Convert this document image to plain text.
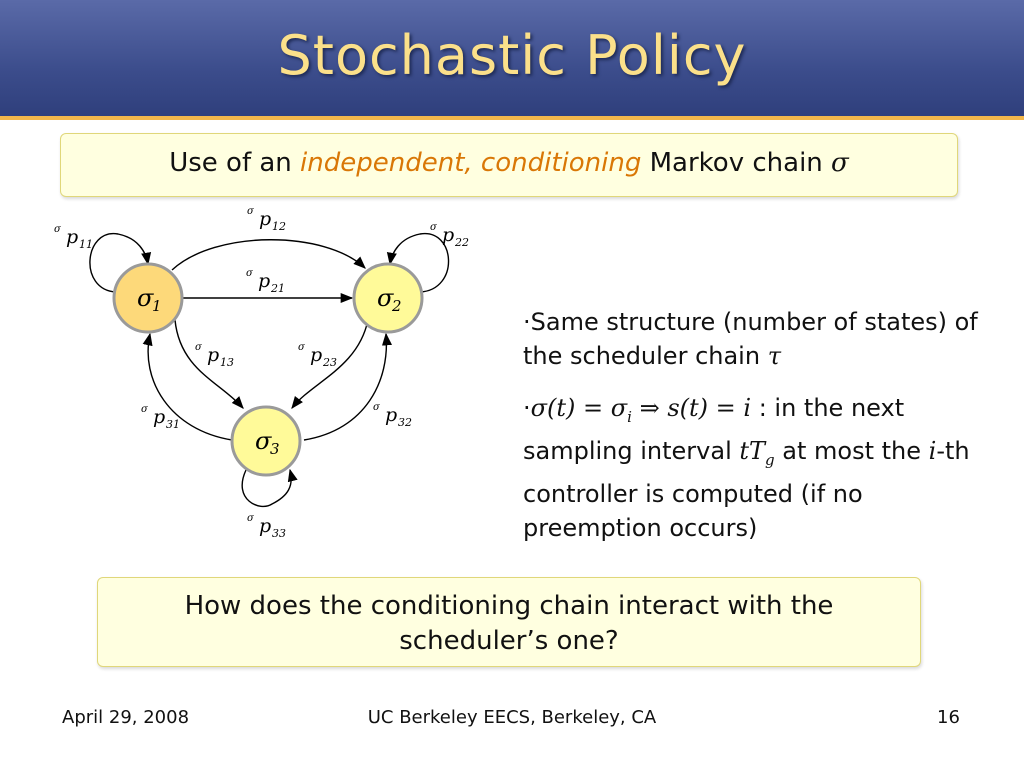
Stochastic Policy
Use of an independent, conditioning Markov chain σ
σ
1	σ
2
σ
3
σ p 11
σ p 12	σ p 22
σ p 21
σ p 13
σ p 23
σ p 31
σ p 32
σ p 33

·Same structure (number of states) of the scheduler chain τ

$\cdot\sigma(t) = \sigma_i$ ⇒ s(t) = i : in the next sampling interval $tT_g$ at most the i-th controller is computed (if no preemption occurs)

How does the conditioning chain interact with the scheduler’s one?
April 29, 2008	UC Berkeley EECS, Berkeley, CA	16
